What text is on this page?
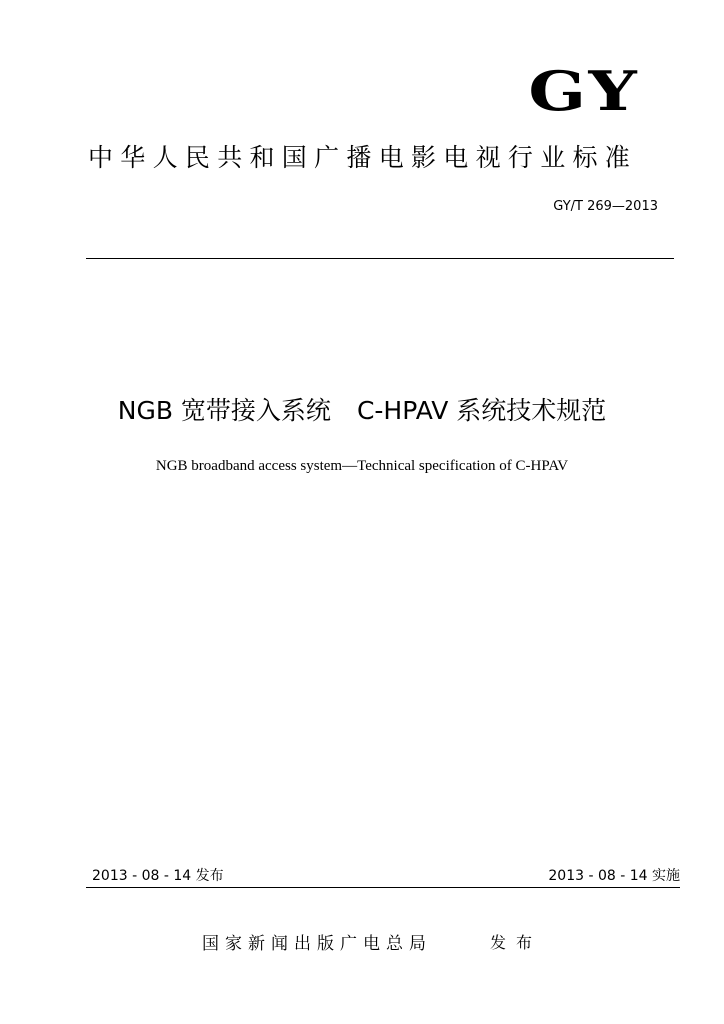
GY
中华人民共和国广播电影电视行业标准
GY/T 269—2013
NGB 宽带接入系统 C-HPAV 系统技术规范
NGB broadband access system—Technical specification of C-HPAV
2013 - 08 - 14 发布	2013 - 08 - 14 实施
国家新闻出版广电总局	发布
